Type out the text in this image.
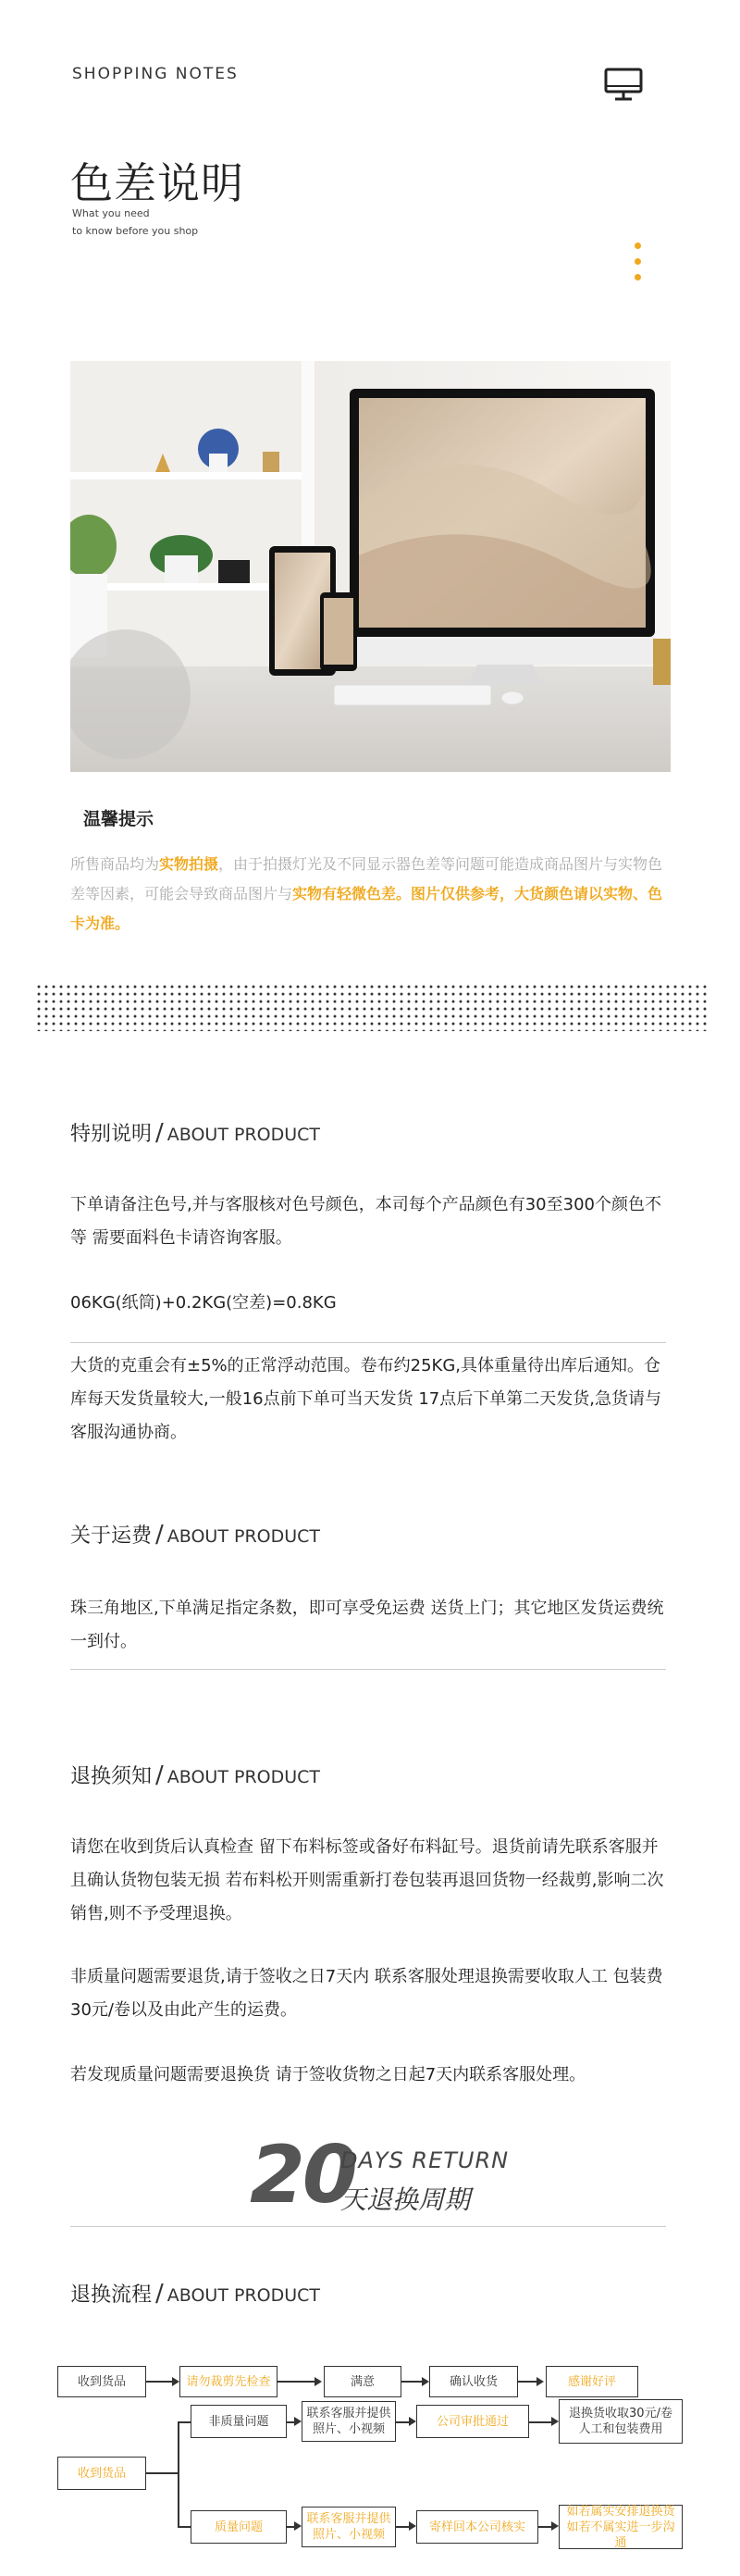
SHOPPING NOTES
色差说明
What you need
to know before you shop
温馨提示
所售商品均为实物拍摄，由于拍摄灯光及不同显示器色差等问题可能造成商品图片与实物色差等因素，可能会导致商品图片与实物有轻微色差。图片仅供参考，大货颜色请以实物、色卡为准。
特别说明 / ABOUT PRODUCT
下单请备注色号,并与客服核对色号颜色，本司每个产品颜色有30至300个颜色不等 需要面料色卡请咨询客服。
06KG(纸筒)+0.2KG(空差)=0.8KG
大货的克重会有±5%的正常浮动范围。卷布约25KG,具体重量待出库后通知。仓库每天发货量较大,一般16点前下单可当天发货 17点后下单第二天发货,急货请与客服沟通协商。
关于运费 / ABOUT PRODUCT
珠三角地区,下单满足指定条数，即可享受免运费 送货上门；其它地区发货运费统一到付。
退换须知 / ABOUT PRODUCT
请您在收到货后认真检查 留下布料标签或备好布料缸号。退货前请先联系客服并且确认货物包装无损 若布料松开则需重新打卷包装再退回货物一经裁剪,影响二次销售,则不予受理退换。
非质量问题需要退货,请于签收之日7天内 联系客服处理退换需要收取人工 包装费30元/卷以及由此产生的运费。
若发现质量问题需要退换货 请于签收货物之日起7天内联系客服处理。
20
DAYS RETURN
天退换周期
退换流程 / ABOUT PRODUCT
收到货品	请勿裁剪先检查	满意	确认收货	感谢好评
收到货品
非质量问题
联系客服并提供照片、小视频
公司审批通过
退换货收取30元/卷人工和包装费用
质量问题
联系客服并提供照片、小视频
寄样回本公司核实
如若属实安排退换货如若不属实进一步沟通
